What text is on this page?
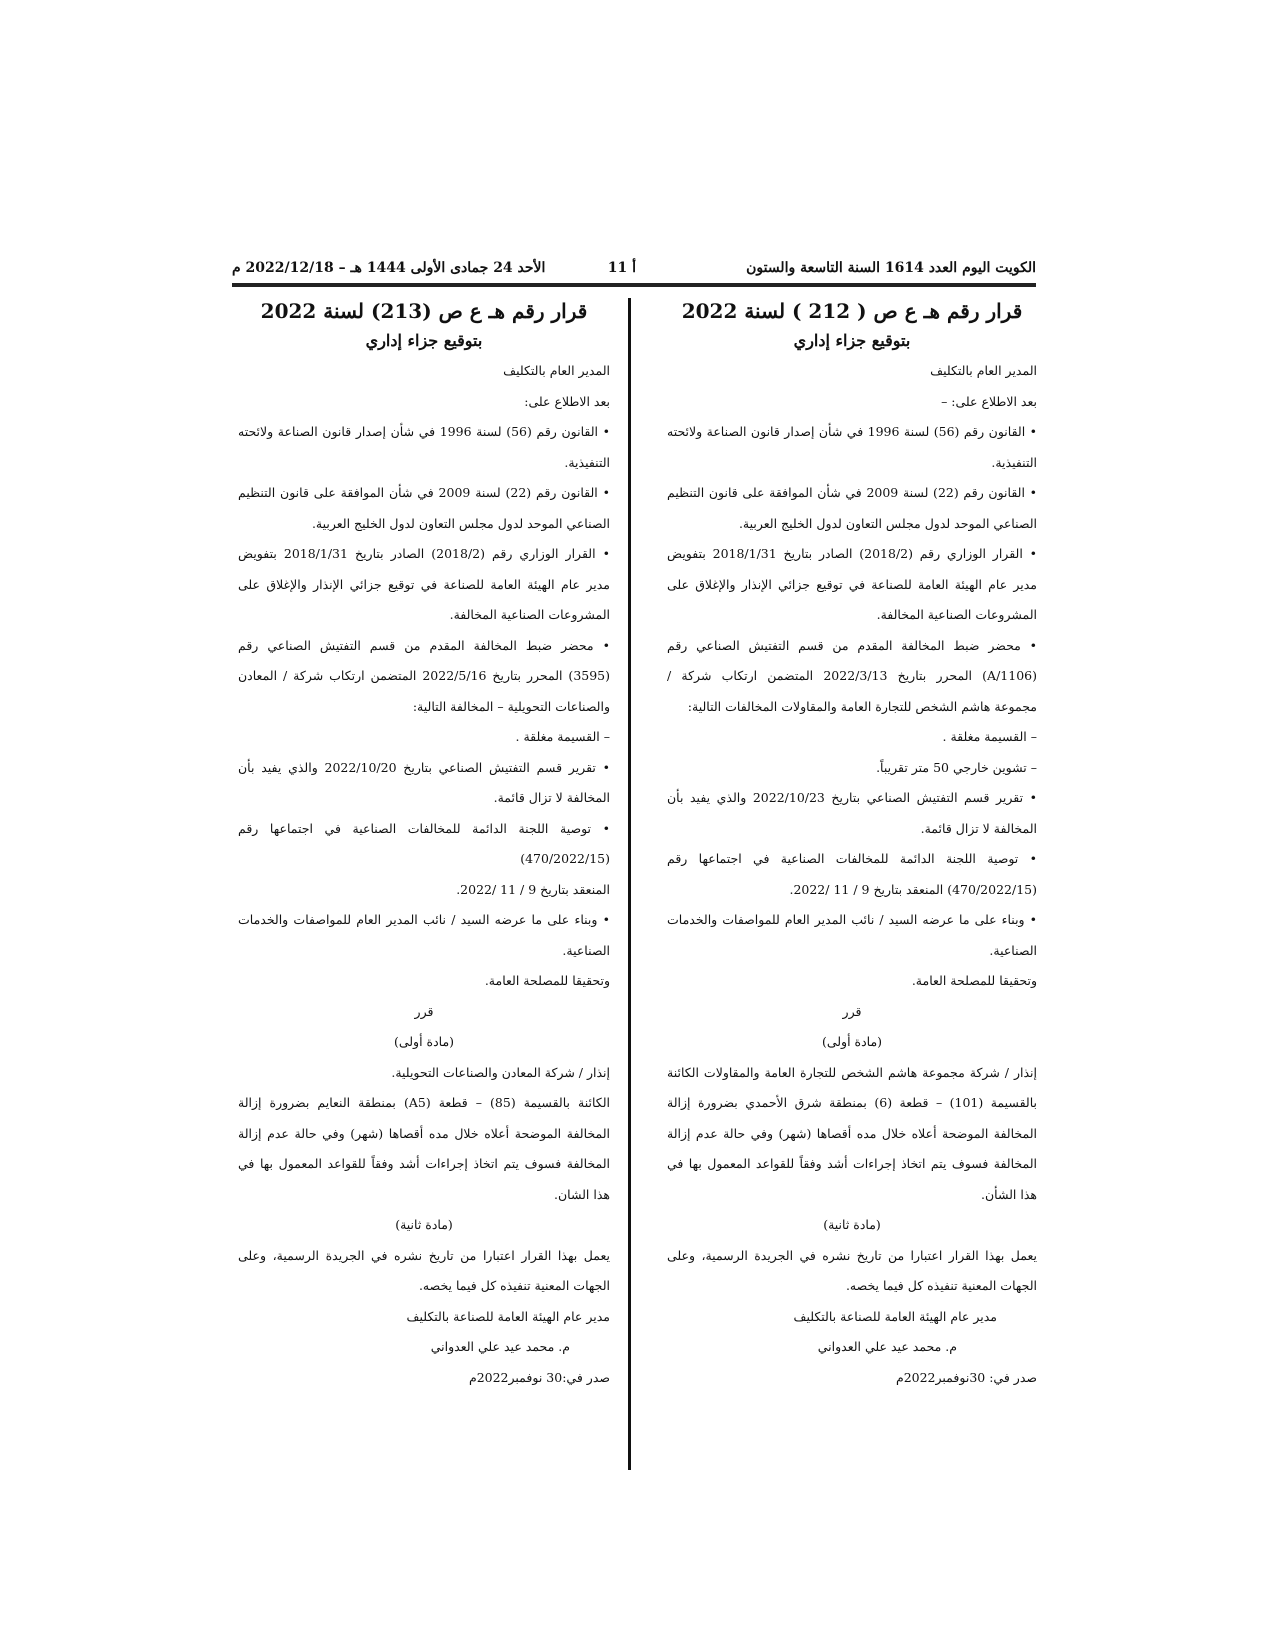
الكويت اليوم العدد 1614 السنة التاسعة والستون
أ 11
الأحد 24 جمادى الأولى 1444 هـ – 2022/12/18 م

قرار رقم هـ ع ص ( 212 ) لسنة 2022

بتوقيع جزاء إداري

المدير العام بالتكليف

بعد الاطلاع على: –

• القانون رقم (56) لسنة 1996 في شأن إصدار قانون الصناعة ولائحته التنفيذية.

• القانون رقم (22) لسنة 2009 في شأن الموافقة على قانون التنظيم الصناعي الموحد لدول مجلس التعاون لدول الخليج العربية.

• القرار الوزاري رقم (2018/2) الصادر بتاريخ 2018/1/31 بتفويض مدير عام الهيئة العامة للصناعة في توقيع جزائي الإنذار والإغلاق على المشروعات الصناعية المخالفة.

• محضر ضبط المخالفة المقدم من قسم التفتيش الصناعي رقم (A/1106) المحرر بتاريخ 2022/3/13 المتضمن ارتكاب شركة / مجموعة هاشم الشخص للتجارة العامة والمقاولات المخالفات التالية:

– القسيمة مغلقة .

– تشوين خارجي 50 متر تقريباً.

• تقرير قسم التفتيش الصناعي بتاريخ 2022/10/23 والذي يفيد بأن المخالفة لا تزال قائمة.

• توصية اللجنة الدائمة للمخالفات الصناعية في اجتماعها رقم (470/2022/15) المنعقد بتاريخ 9 / 11 /2022.

• وبناء على ما عرضه السيد / نائب المدير العام للمواصفات والخدمات الصناعية.

وتحقيقا للمصلحة العامة.

قرر

(مادة أولى)

إنذار / شركة مجموعة هاشم الشخص للتجارة العامة والمقاولات الكائنة بالقسيمة (101) – قطعة (6) بمنطقة شرق الأحمدي بضرورة إزالة المخالفة الموضحة أعلاه خلال مده أقصاها (شهر) وفي حالة عدم إزالة المخالفة فسوف يتم اتخاذ إجراءات أشد وفقاً للقواعد المعمول بها في هذا الشأن.

(مادة ثانية)

يعمل بهذا القرار اعتبارا من تاريخ نشره في الجريدة الرسمية، وعلى الجهات المعنية تنفيذه كل فيما يخصه.

مدير عام الهيئة العامة للصناعة بالتكليف

م. محمد عيد علي العدواني

صدر في: 30نوفمبر2022م

قرار رقم هـ ع ص (213) لسنة 2022

بتوقيع جزاء إداري

المدير العام بالتكليف

بعد الاطلاع على:

• القانون رقم (56) لسنة 1996 في شأن إصدار قانون الصناعة ولائحته التنفيذية.

• القانون رقم (22) لسنة 2009 في شأن الموافقة على قانون التنظيم الصناعي الموحد لدول مجلس التعاون لدول الخليج العربية.

• القرار الوزاري رقم (2018/2) الصادر بتاريخ 2018/1/31 بتفويض مدير عام الهيئة العامة للصناعة في توقيع جزائي الإنذار والإغلاق على المشروعات الصناعية المخالفة.

• محضر ضبط المخالفة المقدم من قسم التفتيش الصناعي رقم (3595) المحرر بتاريخ 2022/5/16 المتضمن ارتكاب شركة / المعادن والصناعات التحويلية – المخالفة التالية:

– القسيمة مغلقة .

• تقرير قسم التفتيش الصناعي بتاريخ 2022/10/20 والذي يفيد بأن المخالفة لا تزال قائمة.

• توصية اللجنة الدائمة للمخالفات الصناعية في اجتماعها رقم (470/2022/15)

المنعقد بتاريخ 9 / 11 /2022.

• وبناء على ما عرضه السيد / نائب المدير العام للمواصفات والخدمات الصناعية.

وتحقيقا للمصلحة العامة.

قرر

(مادة أولى)

إنذار / شركة المعادن والصناعات التحويلية.

الكائنة بالقسيمة (85) – قطعة (A5) بمنطقة النعايم بضرورة إزالة المخالفة الموضحة أعلاه خلال مده أقصاها (شهر) وفي حالة عدم إزالة المخالفة فسوف يتم اتخاذ إجراءات أشد وفقاً للقواعد المعمول بها في هذا الشان.

(مادة ثانية)

يعمل بهذا القرار اعتبارا من تاريخ نشره في الجريدة الرسمية، وعلى الجهات المعنية تنفيذه كل فيما يخصه.

مدير عام الهيئة العامة للصناعة بالتكليف

م. محمد عيد علي العدواني

صدر في:30 نوفمبر2022م
